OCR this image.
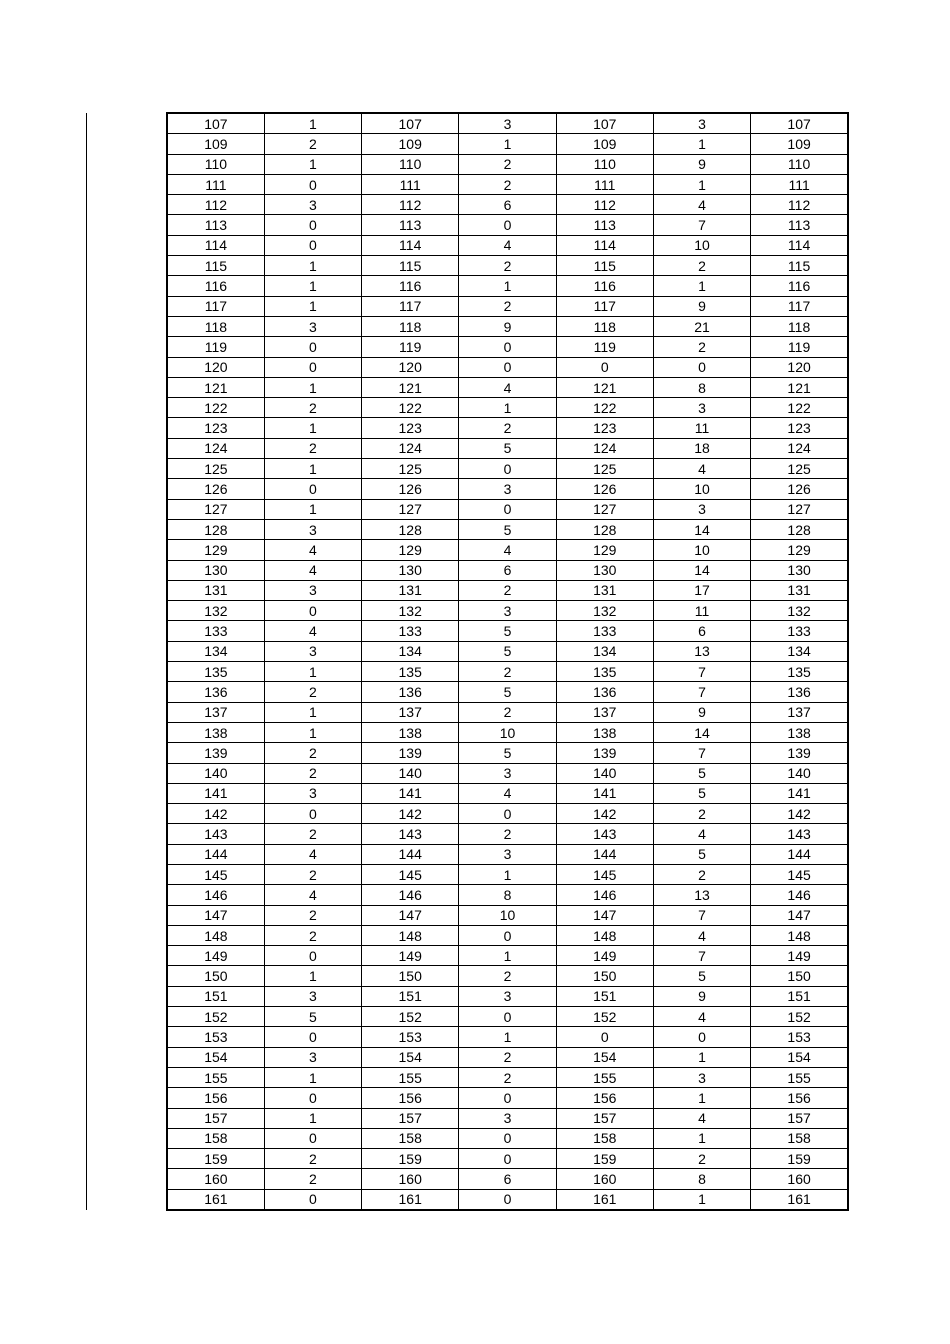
107	1	107	3	107	3	107
109	2	109	1	109	1	109
110	1	110	2	110	9	110
111	0	111	2	111	1	111
112	3	112	6	112	4	112
113	0	113	0	113	7	113
114	0	114	4	114	10	114
115	1	115	2	115	2	115
116	1	116	1	116	1	116
117	1	117	2	117	9	117
118	3	118	9	118	21	118
119	0	119	0	119	2	119
120	0	120	0	0	0	120
121	1	121	4	121	8	121
122	2	122	1	122	3	122
123	1	123	2	123	11	123
124	2	124	5	124	18	124
125	1	125	0	125	4	125
126	0	126	3	126	10	126
127	1	127	0	127	3	127
128	3	128	5	128	14	128
129	4	129	4	129	10	129
130	4	130	6	130	14	130
131	3	131	2	131	17	131
132	0	132	3	132	11	132
133	4	133	5	133	6	133
134	3	134	5	134	13	134
135	1	135	2	135	7	135
136	2	136	5	136	7	136
137	1	137	2	137	9	137
138	1	138	10	138	14	138
139	2	139	5	139	7	139
140	2	140	3	140	5	140
141	3	141	4	141	5	141
142	0	142	0	142	2	142
143	2	143	2	143	4	143
144	4	144	3	144	5	144
145	2	145	1	145	2	145
146	4	146	8	146	13	146
147	2	147	10	147	7	147
148	2	148	0	148	4	148
149	0	149	1	149	7	149
150	1	150	2	150	5	150
151	3	151	3	151	9	151
152	5	152	0	152	4	152
153	0	153	1	0	0	153
154	3	154	2	154	1	154
155	1	155	2	155	3	155
156	0	156	0	156	1	156
157	1	157	3	157	4	157
158	0	158	0	158	1	158
159	2	159	0	159	2	159
160	2	160	6	160	8	160
161	0	161	0	161	1	161
